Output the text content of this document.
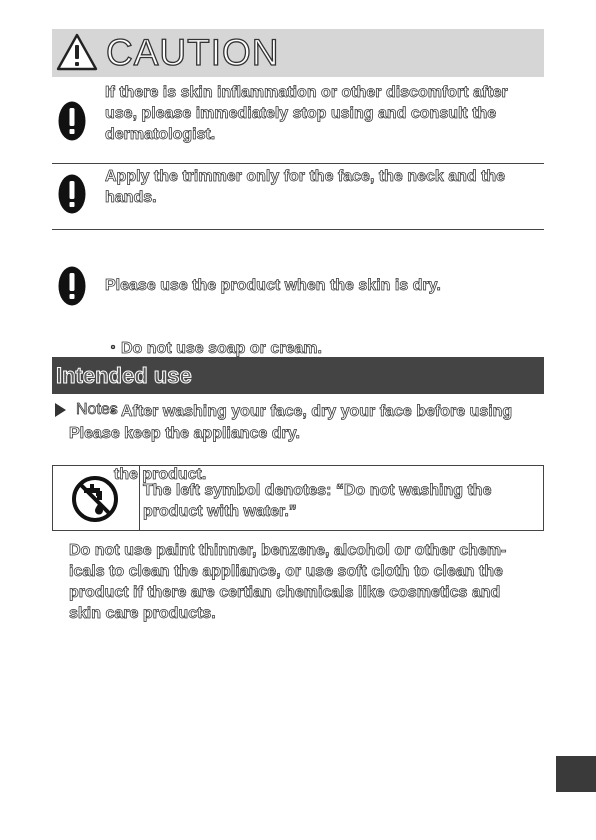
CAUTION
If there is skin inflammation or other discomfort after
use, please immediately stop using and consult the
dermatologist.
Apply the trimmer only for the face, the neck and the
hands.

Please use the product when the skin is dry.

・Do not use soap or cream.

・After washing your face, dry your face before using

the product.

Intended use
Notes
Please keep the appliance dry.
The left symbol denotes: “Do not washing the
product with water.”
Do not use paint thinner, benzene, alcohol or other chem-
icals to clean the appliance, or use soft cloth to clean the
product if there are certian chemicals like cosmetics and
skin care products.
